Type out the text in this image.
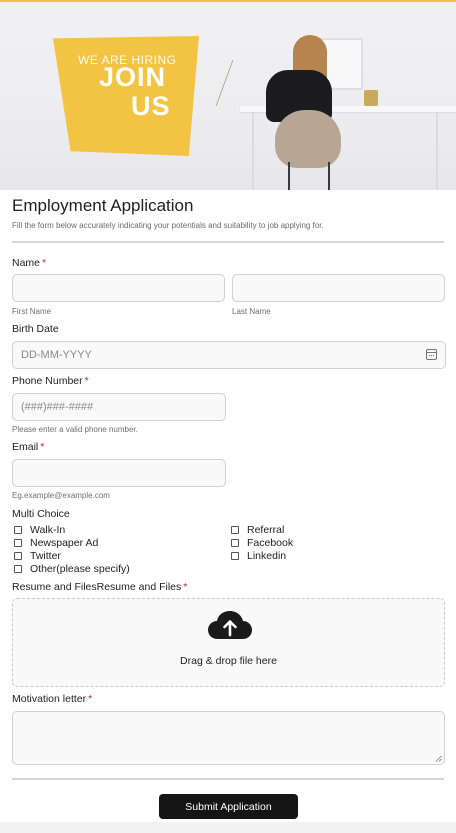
WE ARE HIRING
JOIN
US
Employment Application
Fill the form below accurately indicating your potentials and suitability to job applying for.
Name *
First Name	Last Name
Birth Date
DD-MM-YYYY
Phone Number *
(###)###-####
Please enter a valid phone number.
Email *
Eg.example@example.com
Multi Choice
Walk-In
Newspaper Ad
Twitter
Other(please specify)
Referral
Facebook
Linkedin
Resume and FilesResume and Files *
Drag & drop file here
Motivation letter *
Submit Application
